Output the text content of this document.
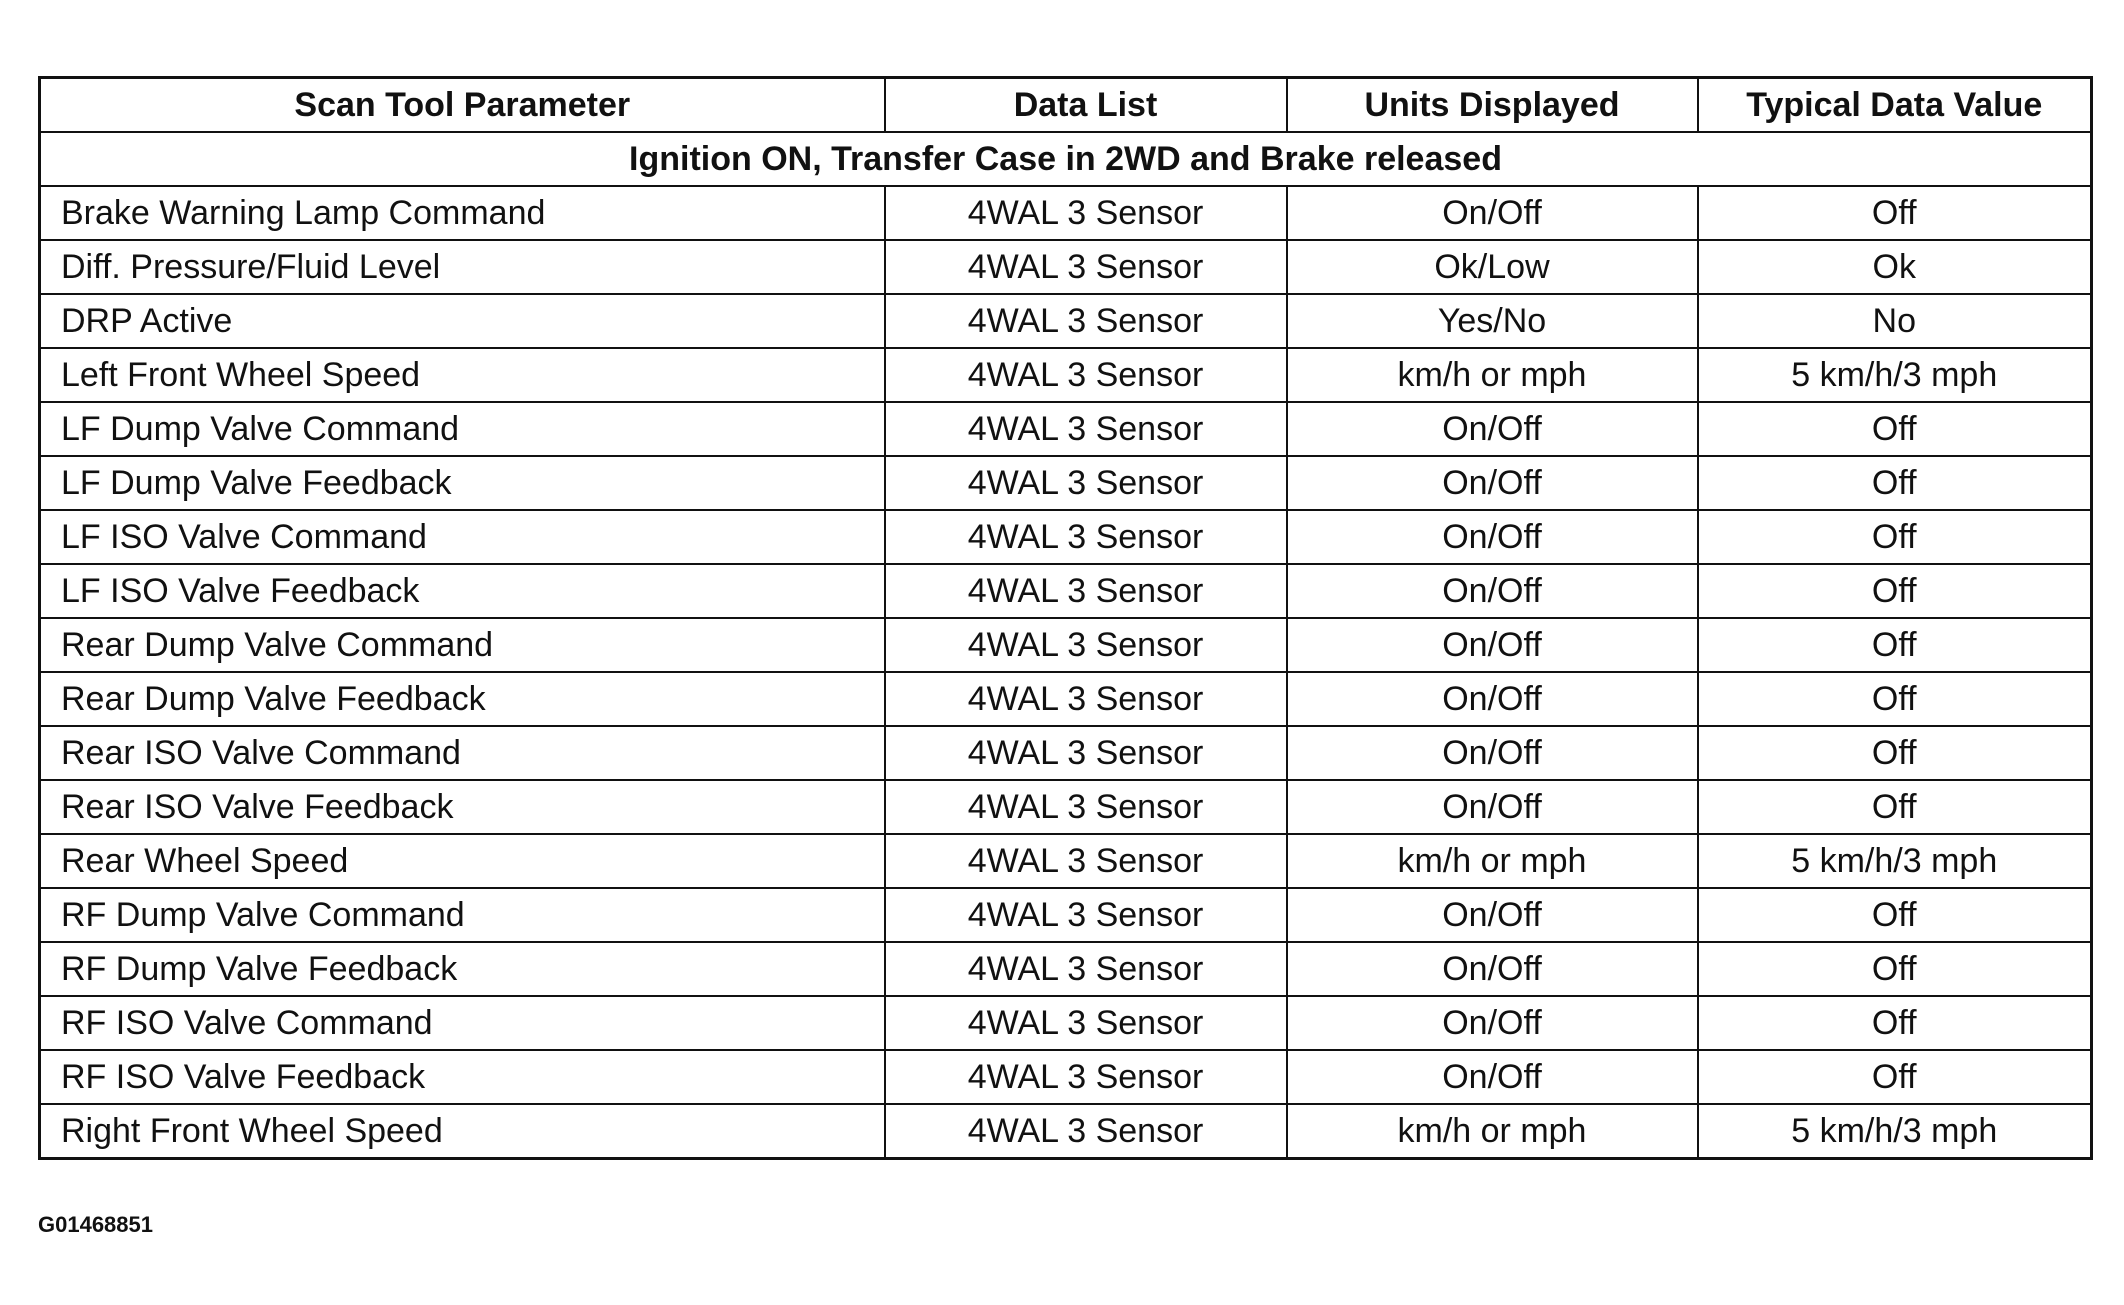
Scan Tool Parameter	Data List	Units Displayed	Typical Data Value
Ignition ON, Transfer Case in 2WD and Brake released			
Brake Warning Lamp Command	4WAL 3 Sensor	On/Off	Off
Diff. Pressure/Fluid Level	4WAL 3 Sensor	Ok/Low	Ok
DRP Active	4WAL 3 Sensor	Yes/No	No
Left Front Wheel Speed	4WAL 3 Sensor	km/h or mph	5 km/h/3 mph
LF Dump Valve Command	4WAL 3 Sensor	On/Off	Off
LF Dump Valve Feedback	4WAL 3 Sensor	On/Off	Off
LF ISO Valve Command	4WAL 3 Sensor	On/Off	Off
LF ISO Valve Feedback	4WAL 3 Sensor	On/Off	Off
Rear Dump Valve Command	4WAL 3 Sensor	On/Off	Off
Rear Dump Valve Feedback	4WAL 3 Sensor	On/Off	Off
Rear ISO Valve Command	4WAL 3 Sensor	On/Off	Off
Rear ISO Valve Feedback	4WAL 3 Sensor	On/Off	Off
Rear Wheel Speed	4WAL 3 Sensor	km/h or mph	5 km/h/3 mph
RF Dump Valve Command	4WAL 3 Sensor	On/Off	Off
RF Dump Valve Feedback	4WAL 3 Sensor	On/Off	Off
RF ISO Valve Command	4WAL 3 Sensor	On/Off	Off
RF ISO Valve Feedback	4WAL 3 Sensor	On/Off	Off
Right Front Wheel Speed	4WAL 3 Sensor	km/h or mph	5 km/h/3 mph
G01468851
